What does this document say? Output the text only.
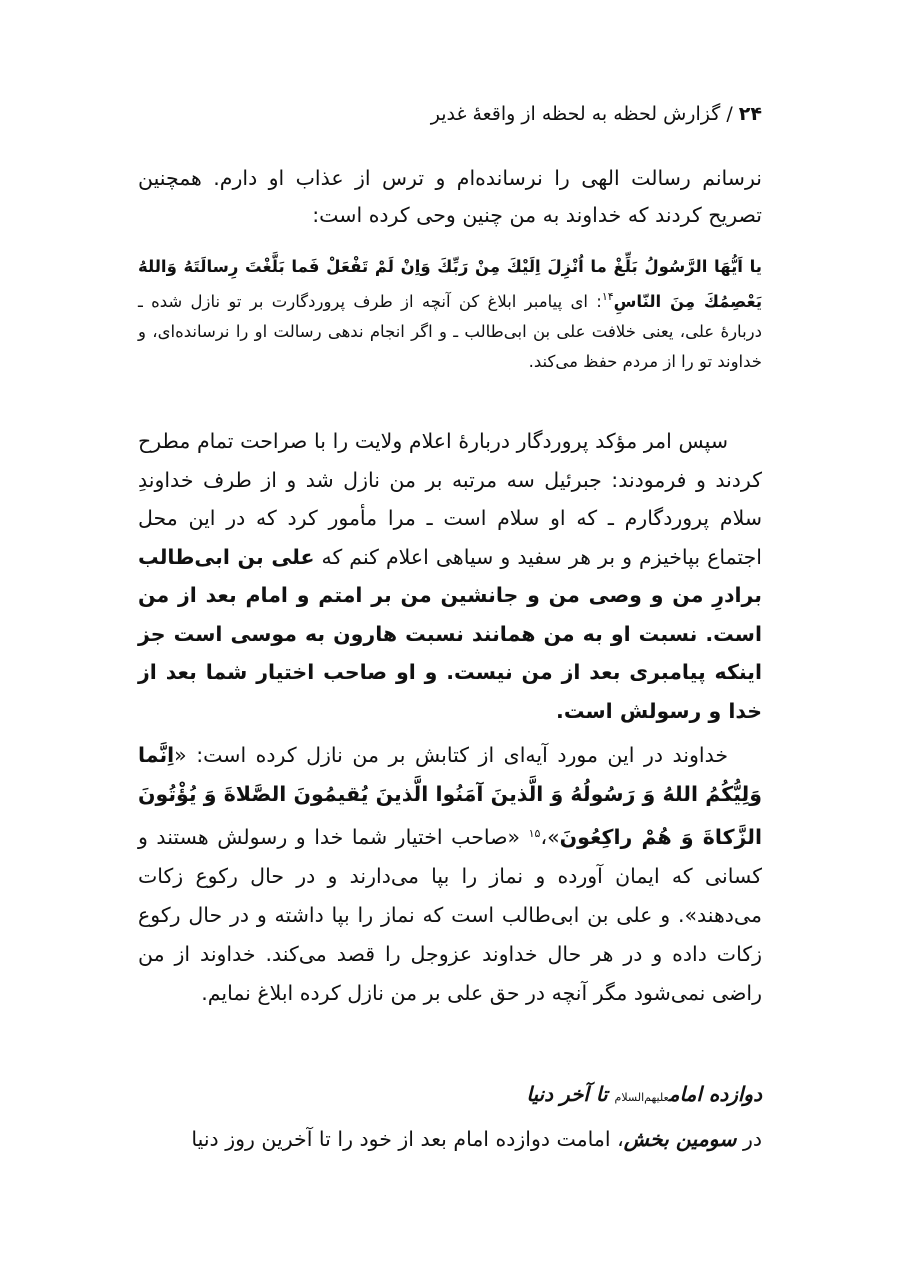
۲۴ / گزارش لحظه به لحظه از واقعهٔ غدیر

نرسانم رسالت الهی را نرسانده‌ام و ترس از عذاب او دارم. همچنین تصریح کردند که خداوند به من چنین وحی کرده است:

يا اَيُّهَا الرَّسُولُ بَلِّغْ ما اُنْزِلَ اِلَيْكَ مِنْ رَبِّكَ وَاِنْ لَمْ تَفْعَلْ فَما بَلَّغْتَ رِسالَتَهُ وَاللهُ يَعْصِمُكَ مِنَ النّاسِ$^{۱۴}$: ای پیامبر ابلاغ کن آنچه از طرف پروردگارت بر تو نازل شده ـ دربارهٔ علی، یعنی خلافت علی بن ابی‌طالب ـ و اگر انجام ندهی رسالت او را نرسانده‌ای، و خداوند تو را از مردم حفظ می‌کند.

سپس امر مؤکد پروردگار دربارهٔ اعلام ولایت را با صراحت تمام مطرح کردند و فرمودند: جبرئیل سه مرتبه بر من نازل شد و از طرف خداوندِ سلام پروردگارم ـ که او سلام است ـ مرا مأمور کرد که در این محل اجتماع بپاخیزم و بر هر سفید و سیاهی اعلام کنم که علی بن ابی‌طالب برادرِ من و وصی من و جانشین من بر امتم و امام بعد از من است. نسبت او به من همانند نسبت هارون به موسی است جز اینکه پیامبری بعد از من نیست. و او صاحب اختیار شما بعد از خدا و رسولش است.

خداوند در این مورد آیه‌ای از کتابش بر من نازل کرده است: «اِنَّما وَلِيُّكُمُ اللهُ وَ رَسُولُهُ وَ الَّذينَ آمَنُوا الَّذينَ يُقيمُونَ الصَّلاةَ وَ يُؤْتُونَ الزَّكاةَ وَ هُمْ راكِعُونَ»،$^{۱۵}$ «صاحب اختیار شما خدا و رسولش هستند و کسانی که ایمان آورده و نماز را بپا می‌دارند و در حال رکوع زکات می‌دهند». و علی بن ابی‌طالب است که نماز را بپا داشته و در حال رکوع زکات داده و در هر حال خداوند عزوجل را قصد می‌کند. خداوند از من راضی نمی‌شود مگر آنچه در حق علی بر من نازل کرده ابلاغ نمایم.

دوازده امامعلیهم‌السلام تا آخر دنیا

در سومین بخش، امامت دوازده امام بعد از خود را تا آخرین روز دنیا
